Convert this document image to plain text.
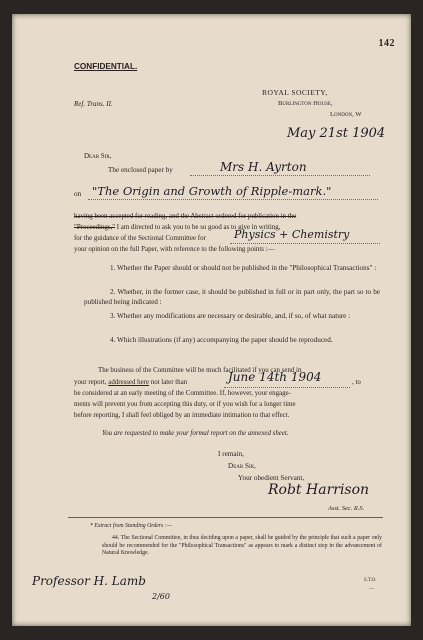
142
CONFIDENTIAL.
ROYAL SOCIETY,
Burlington House,
Ref. Trans. II.
London, W
May 21st 1904
Dear Sir,
The enclosed paper by	Mrs H. Ayrton
on "The Origin and Growth of Ripple-mark."
having been accepted for reading, and the Abstract ordered for publication in the
"Proceedings," I am directed to ask you to be so good as to give in writing,
for the guidance of the Sectional Committee for	Physics + Chemistry
your opinion on the full Paper, with reference to the following points :—
1. Whether the Paper should or should not be published in the "Philosophical Transactions" :
2. Whether, in the former case, it should be published in full or in part only, the part so to be published being indicated :
3. Whether any modifications are necessary or desirable, and, if so, of what nature :
4. Which illustrations (if any) accompanying the paper should be reproduced.
The business of the Committee will be much facilitated if you can send in
your report, addressed here not later than	June 14th 1904	, to
be considered at an early meeting of the Committee. If, however, your engage-
ments will prevent you from accepting this duty, or if you wish for a longer time
before reporting, I shall feel obliged by an immediate intimation to that effect.
You are requested to make your formal report on the annexed sheet.
I remain,
Dear Sir,
Your obedient Servant,
Robt Harrison
Asst. Sec. R.S.
* Extract from Standing Orders :—
44. The Sectional Committee, in thus deciding upon a paper, shall be guided by the principle that such a paper only should be recommended for the "Philosophical Transactions" as appears to mark a distinct step in the advancement of Natural Knowledge.
Professor H. Lamb
2/60
S.T.O.
—
